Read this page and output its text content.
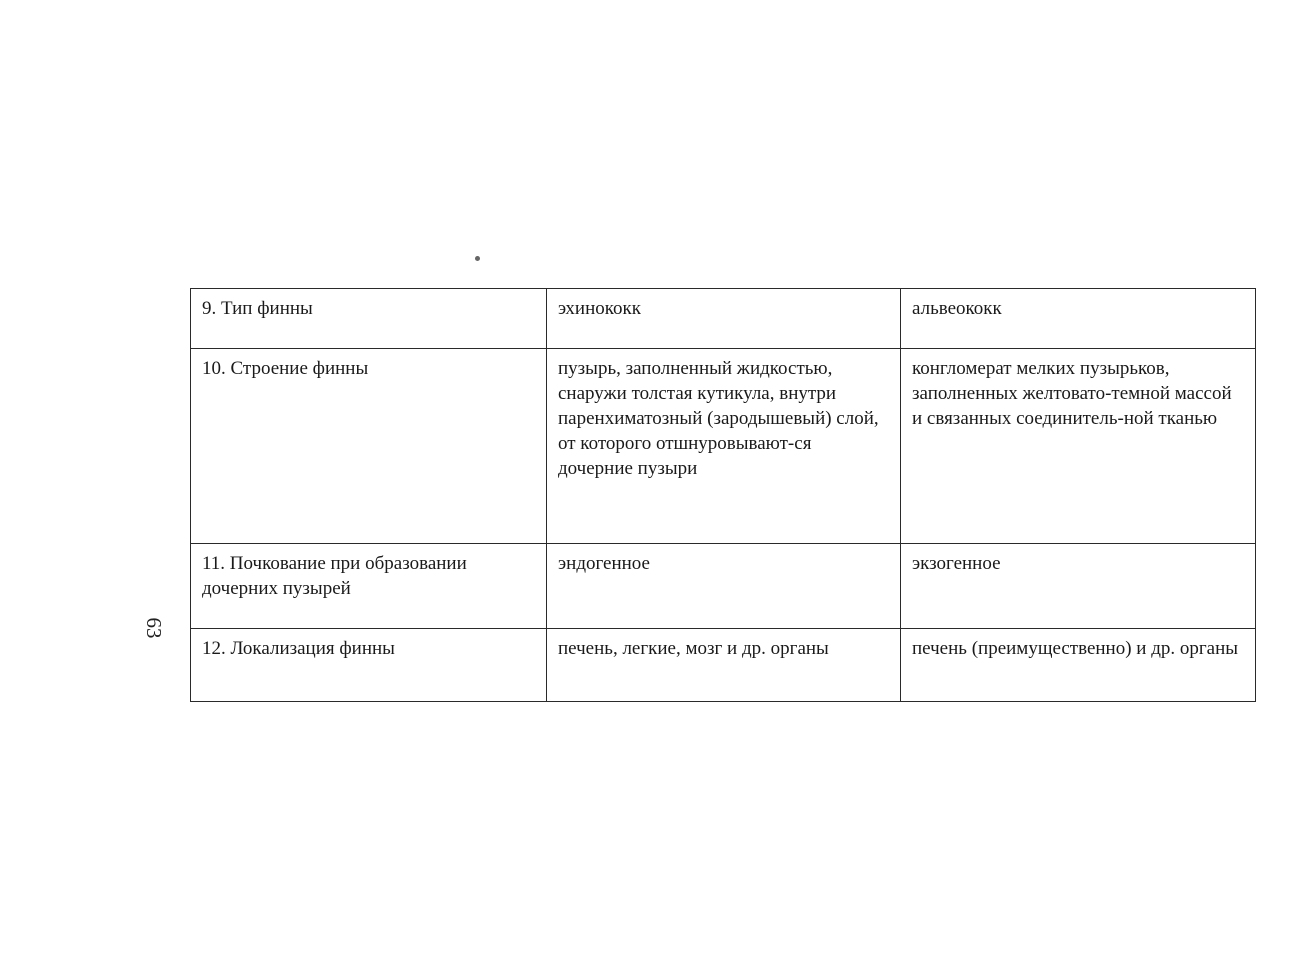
63
9. Тип финны	эхинококк	альвеококк
10. Строение финны	пузырь, заполненный жидкостью, снаружи толстая кутикула, внутри паренхиматозный (зародышевый) слой, от которого отшнуровывают-ся дочерние пузыри	конгломерат мелких пузырьков, заполненных желтовато-темной массой и связанных соединитель-ной тканью
11. Почкование при образовании дочерних пузырей	эндогенное	экзогенное
12. Локализация финны	печень, легкие, мозг и др. органы	печень (преимущественно) и др. органы
